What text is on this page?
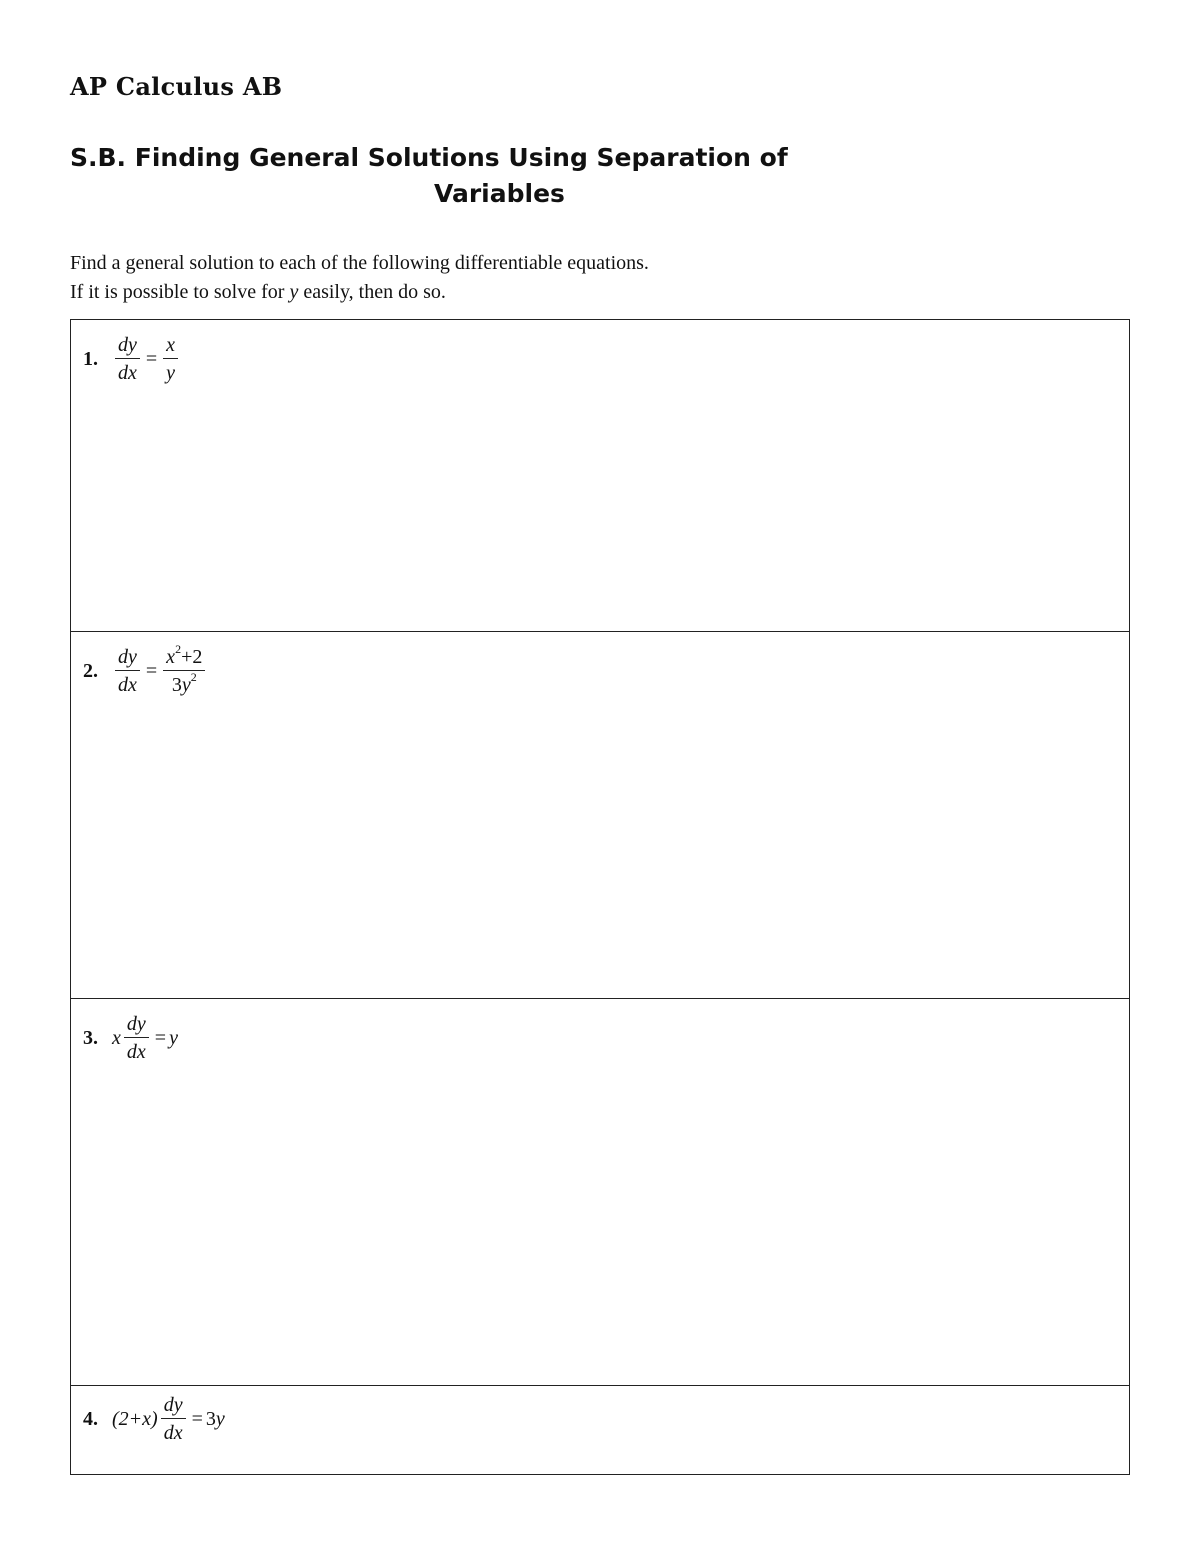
AP Calculus AB
S.B. Finding General Solutions Using Separation of
Variables
Find a general solution to each of the following differentiable equations.
If it is possible to solve for y easily, then do so.
1. $\frac{dy}{dx} = \frac{x}{y}$
2. $\frac{dy}{dx} = \frac{x^2+2}{3y^2}$
3. x $\frac{dy}{dx} = y$
4. $(2+x) \frac{dy}{dx} = 3$ y
